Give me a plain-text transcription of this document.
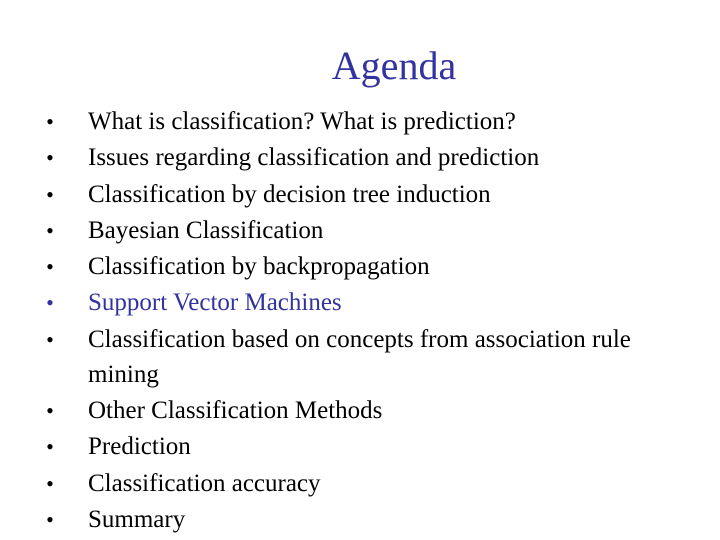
Agenda
• What is classification? What is prediction?
• Issues regarding classification and prediction
• Classification by decision tree induction
• Bayesian Classification
• Classification by backpropagation
• Support Vector Machines
• Classification based on concepts from association rule mining
• Other Classification Methods
• Prediction
• Classification accuracy
• Summary
